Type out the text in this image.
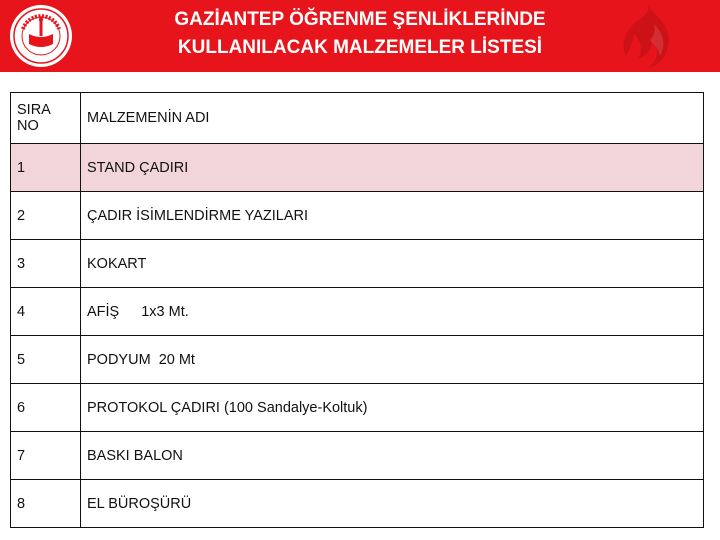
GAZİANTEP ÖĞRENME ŞENLİKLERİNDE
KULLANILACAK MALZEMELER LİSTESİ
SIRA
NO	MALZEMENİN ADI
1	STAND ÇADIRI
2	ÇADIR İSİMLENDİRME YAZILARI
3	KOKART
4	AFİŞ 1x3 Mt.
5	PODYUM  20 Mt
6	PROTOKOL ÇADIRI (100 Sandalye-Koltuk)
7	BASKI BALON
8	EL BÜROŞÜRÜ
